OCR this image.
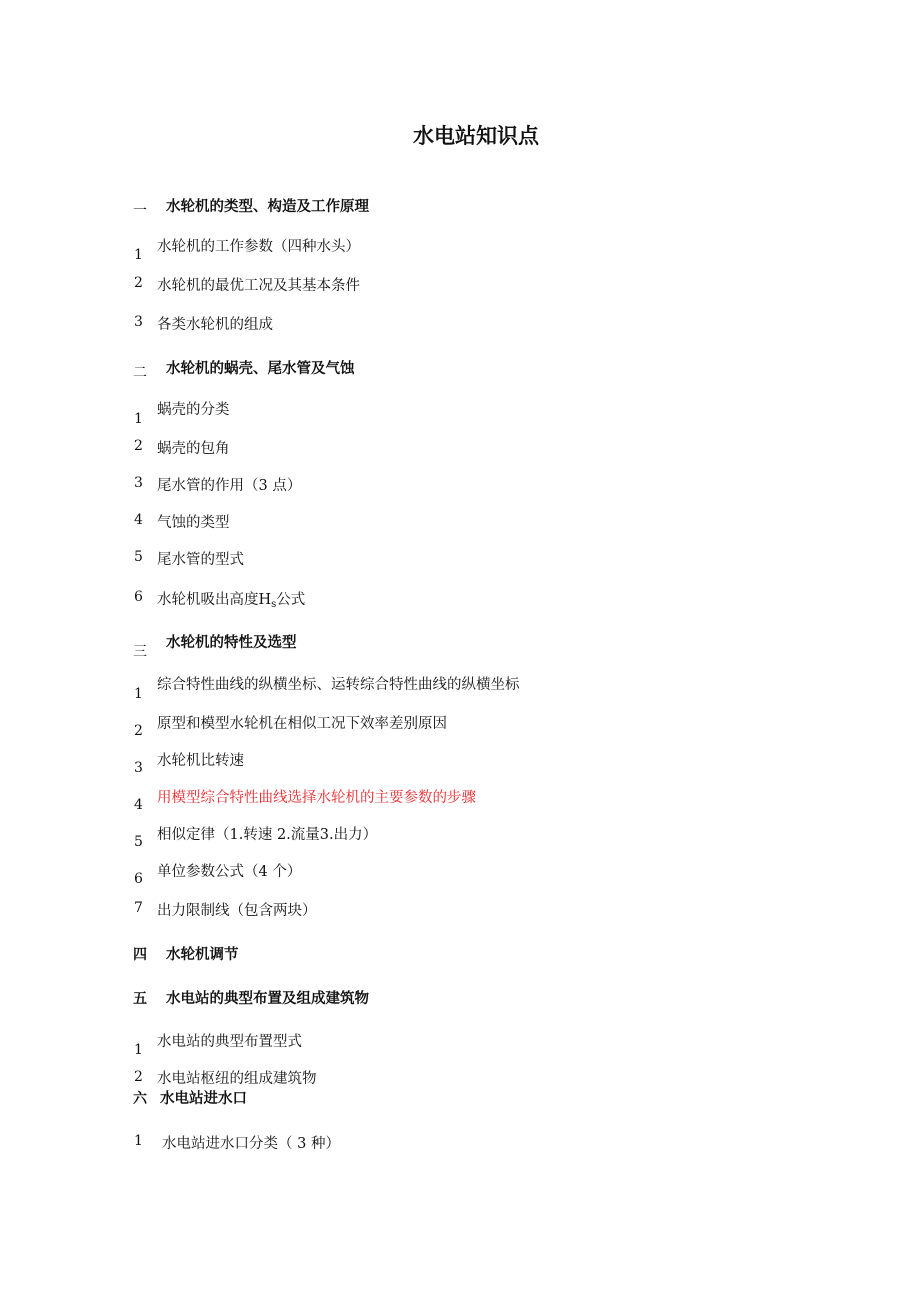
水电站知识点
一 水轮机的类型、构造及工作原理
1 水轮机的工作参数（四种水头）
2 水轮机的最优工况及其基本条件
3 各类水轮机的组成
二 水轮机的蜗壳、尾水管及气蚀
1
蜗壳的分类
2 蜗壳的包角
3 尾水管的作用（3 点）
4 气蚀的类型
5 尾水管的型式
6 水轮机吸出高度$H_s$公式
三
水轮机的特性及选型
1
综合特性曲线的纵横坐标、运转综合特性曲线的纵横坐标
2 原型和模型水轮机在相似工况下效率差别原因
3 水轮机比转速
4 用模型综合特性曲线选择水轮机的主要参数的步骤
5 相似定律（1.转速 2.流量3.出力）
6 单位参数公式（4 个）
7 出力限制线（包含两块）
四 水轮机调节
五 水电站的典型布置及组成建筑物
1 水电站的典型布置型式
2 水电站枢纽的组成建筑物
六 水电站进水口
1 水电站进水口分类（ 3 种）
